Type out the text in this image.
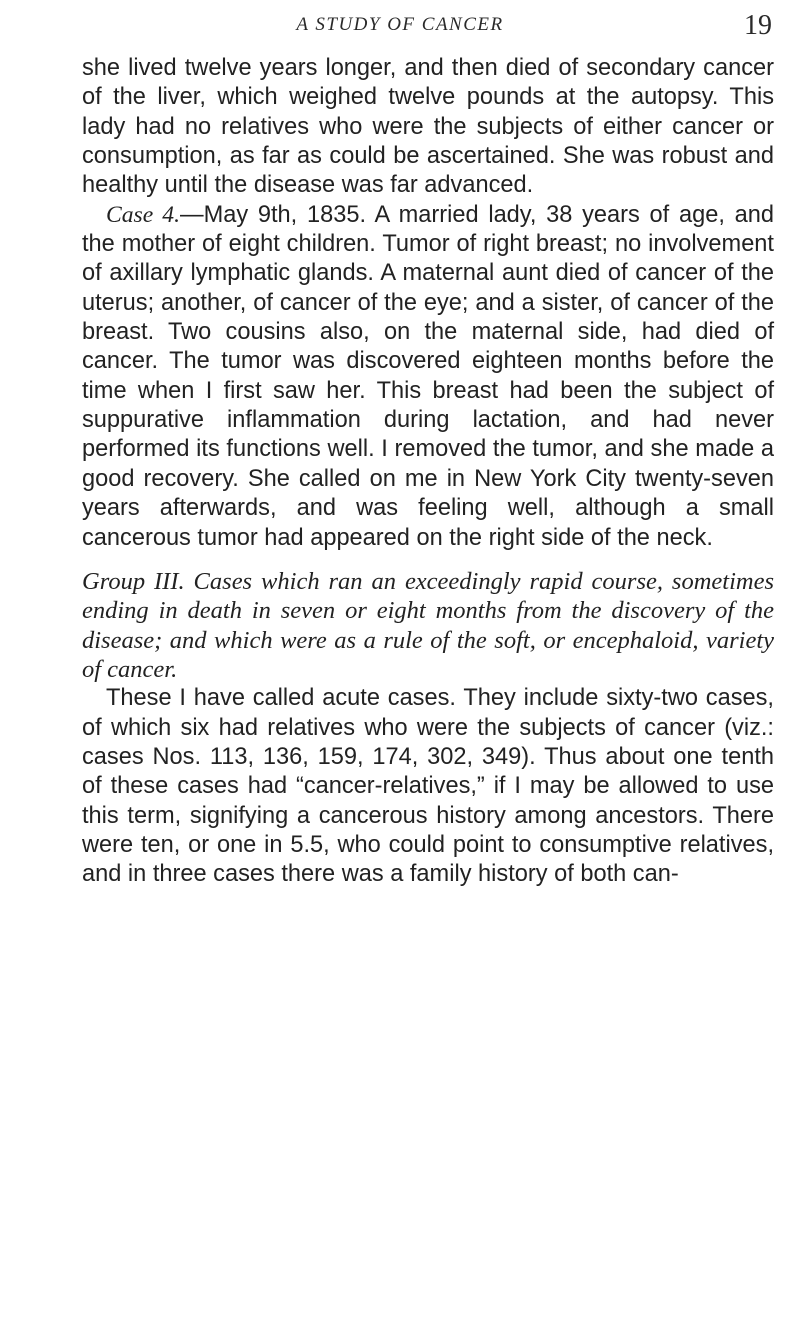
A STUDY OF CANCER	19

she lived twelve years longer, and then died of secondary cancer of the liver, which weighed twelve pounds at the autopsy. This lady had no relatives who were the subjects of either cancer or consumption, as far as could be ascertained. She was robust and healthy until the disease was far advanced.

Case 4.—May 9th, 1835. A married lady, 38 years of age, and the mother of eight children. Tumor of right breast; no involvement of axillary lymphatic glands. A maternal aunt died of cancer of the uterus; another, of cancer of the eye; and a sister, of cancer of the breast. Two cousins also, on the maternal side, had died of cancer. The tumor was discovered eighteen months before the time when I first saw her. This breast had been the subject of suppurative inflammation during lactation, and had never performed its functions well. I removed the tumor, and she made a good recovery. She called on me in New York City twenty-seven years afterwards, and was feeling well, although a small cancerous tumor had appeared on the right side of the neck.

Group III. Cases which ran an exceedingly rapid course, sometimes ending in death in seven or eight months from the discovery of the disease; and which were as a rule of the soft, or encephaloid, variety of cancer.

These I have called acute cases. They include sixty-two cases, of which six had relatives who were the subjects of cancer (viz.: cases Nos. 113, 136, 159, 174, 302, 349). Thus about one tenth of these cases had “cancer-relatives,” if I may be allowed to use this term, signifying a cancerous history among ancestors. There were ten, or one in 5.5, who could point to consumptive relatives, and in three cases there was a family history of both can-
